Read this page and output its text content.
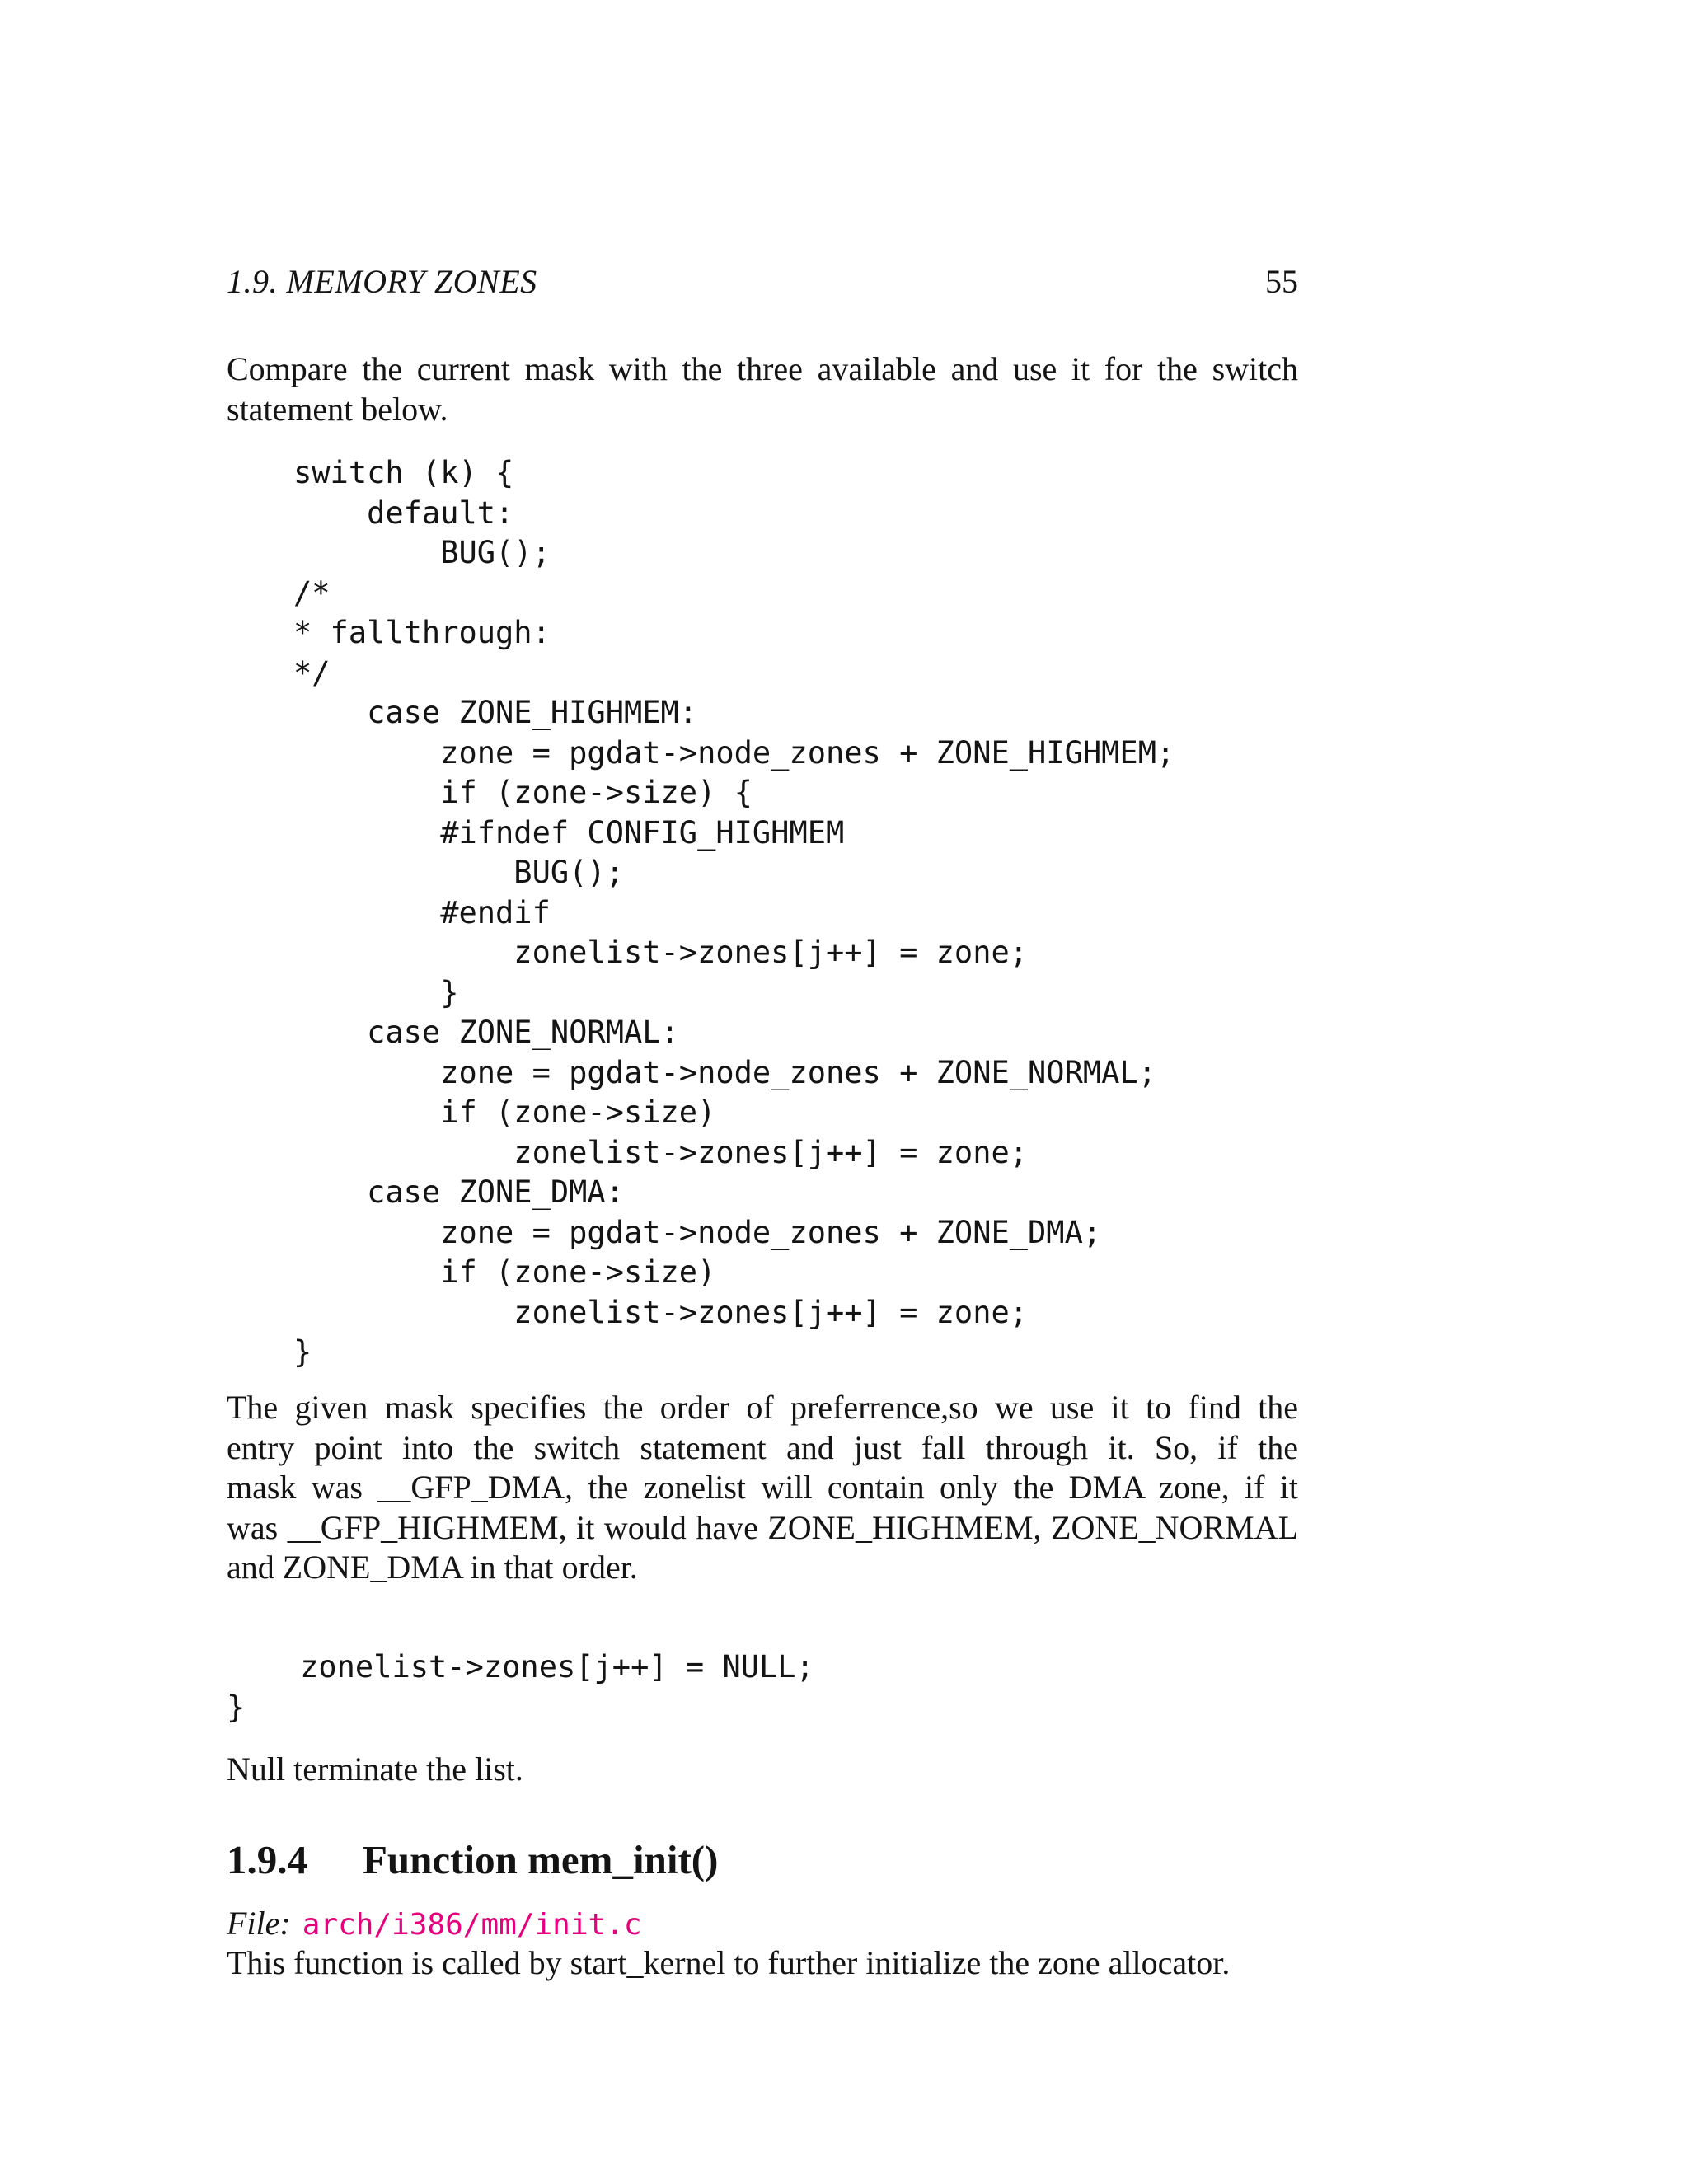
1.9. MEMORY ZONES	55
Compare the current mask with the three available and use it for the switch
statement below.
switch (k) {
default:
BUG();
/*
* fallthrough:
*/
case ZONE_HIGHMEM:
zone = pgdat->node_zones + ZONE_HIGHMEM;
if (zone->size) {
#ifndef CONFIG_HIGHMEM
BUG();
#endif
zonelist->zones[j++] = zone;
}
case ZONE_NORMAL:
zone = pgdat->node_zones + ZONE_NORMAL;
if (zone->size)
zonelist->zones[j++] = zone;
case ZONE_DMA:
zone = pgdat->node_zones + ZONE_DMA;
if (zone->size)
zonelist->zones[j++] = zone;
}
The given mask specifies the order of preferrence,so we use it to find the
entry point into the switch statement and just fall through it. So, if the
mask was __GFP_DMA, the zonelist will contain only the DMA zone, if it
was __GFP_HIGHMEM, it would have ZONE_HIGHMEM, ZONE_NORMAL
and ZONE_DMA in that order.
zonelist->zones[j++] = NULL;
}
Null terminate the list.
1.9.4 Function mem_init()
File: arch/i386/mm/init.c
This function is called by start_kernel to further initialize the zone allocator.
